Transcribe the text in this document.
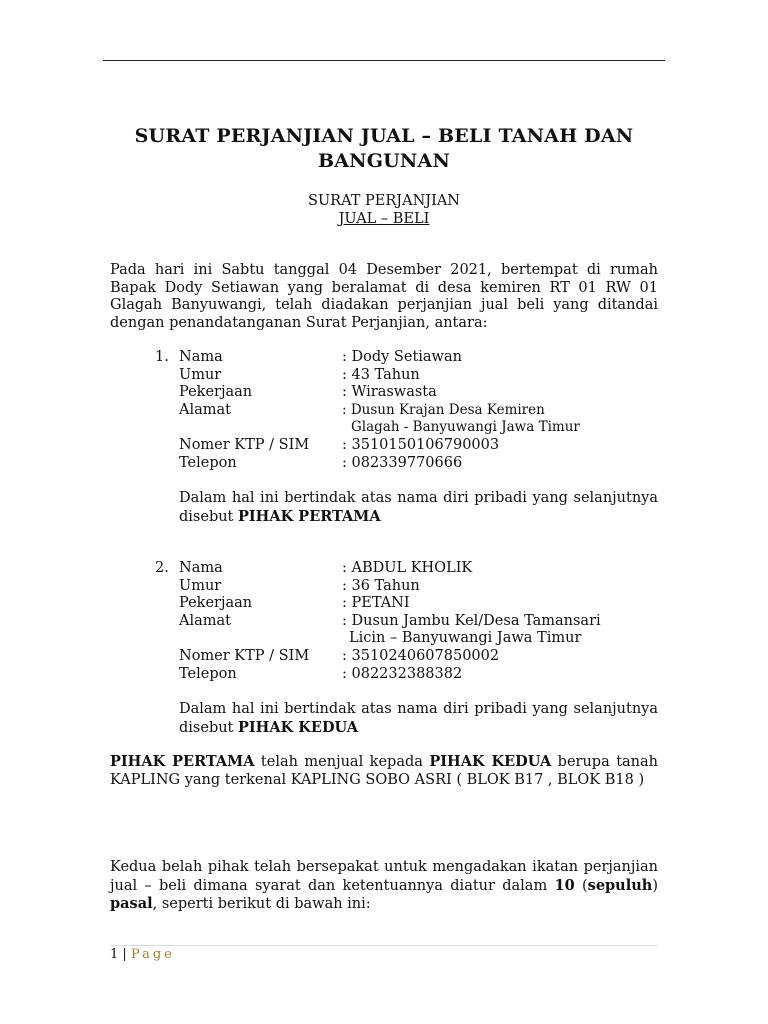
SURAT PERJANJIAN JUAL – BELI TANAH DAN BANGUNAN
SURAT PERJANJIAN
JUAL – BELI
Pada hari ini Sabtu tanggal 04 Desember 2021, bertempat di rumah Bapak Dody Setiawan yang beralamat di desa kemiren RT 01 RW 01 Glagah Banyuwangi, telah diadakan perjanjian jual beli yang ditandai dengan penandatanganan Surat Perjanjian, antara:
1. Nama	: Dody Setiawan
Umur	: 43 Tahun
Pekerjaan	: Wiraswasta
Alamat	: Dusun Krajan Desa Kemiren
Glagah - Banyuwangi Jawa Timur
Nomer KTP / SIM : 3510150106790003
Telepon	: 082339770666
Dalam hal ini bertindak atas nama diri pribadi yang selanjutnya disebut PIHAK PERTAMA
2. Nama	: ABDUL KHOLIK
Umur	: 36 Tahun
Pekerjaan	: PETANI
Alamat	: Dusun Jambu Kel/Desa Tamansari
Licin – Banyuwangi Jawa Timur
Nomer KTP / SIM : 3510240607850002
Telepon	: 082232388382
Dalam hal ini bertindak atas nama diri pribadi yang selanjutnya disebut PIHAK KEDUA
PIHAK PERTAMA telah menjual kepada PIHAK KEDUA berupa tanah KAPLING yang terkenal KAPLING SOBO ASRI ( BLOK B17 , BLOK B18 )
Kedua belah pihak telah bersepakat untuk mengadakan ikatan perjanjian jual – beli dimana syarat dan ketentuannya diatur dalam 10 (sepuluh) pasal, seperti berikut di bawah ini:
1 | Page
